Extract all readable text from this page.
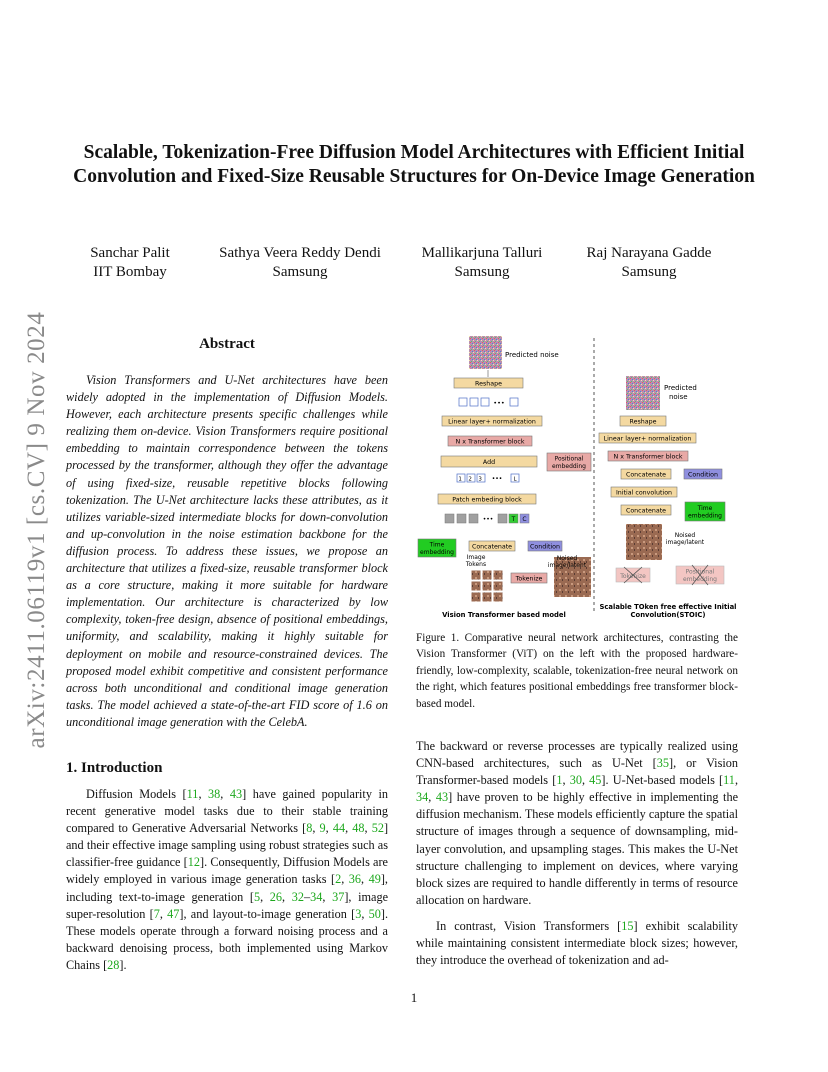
Scalable, Tokenization-Free Diffusion Model Architectures with Efficient Initial Convolution and Fixed-Size Reusable Structures for On-Device Image Generation
Sanchar Palit
IIT Bombay
Sathya Veera Reddy Dendi
Samsung
Mallikarjuna Talluri
Samsung
Raj Narayana Gadde
Samsung
arXiv:2411.06119v1 [cs.CV] 9 Nov 2024	Abstract

Vision Transformers and U-Net architectures have been widely adopted in the implementation of Diffusion Models. However, each architecture presents specific challenges while realizing them on-device. Vision Transformers require positional embedding to maintain correspondence between the tokens processed by the transformer, although they offer the advantage of using fixed-size, reusable repetitive blocks following tokenization. The U-Net architecture lacks these attributes, as it utilizes variable-sized intermediate blocks for down-convolution and up-convolution in the noise estimation backbone for the diffusion process. To address these issues, we propose an architecture that utilizes a fixed-size, reusable transformer block as a core structure, making it more suitable for hardware implementation. Our architecture is characterized by low complexity, token-free design, absence of positional embeddings, uniformity, and scalability, making it highly suitable for deployment on mobile and resource-constrained devices. The proposed model exhibit competitive and consistent performance across both unconditional and conditional image generation tasks. The model achieved a state-of-the-art FID score of 1.6 on unconditional image generation with the CelebA.

1. Introduction

Diffusion Models [11, 38, 43] have gained popularity in recent generative model tasks due to their stable training compared to Generative Adversarial Networks [8, 9, 44, 48, 52] and their effective image sampling using robust strategies such as classifier-free guidance [12]. Consequently, Diffusion Models are widely employed in various image generation tasks [2, 36, 49], including text-to-image generation [5, 26, 32–34, 37], image super-resolution [7, 47], and layout-to-image generation [3, 50]. These models operate through a forward noising process and a backward denoising process, both implemented using Markov Chains [28].

Predicted noise
Reshape
•••
Linear layer+ normalization
N x Transformer block
Add	Positional embedding
1 2 3	L
•••
Patch embeding block
•••	T C
Time embedding
Concatenate	Condition
Image Tokens
Noised image/latent
Tokenize
Vision Transformer based model
Predicted noise
Reshape
Linear layer+ normalization
N x Transformer block
Concatenate	Condition
Initial convolution
Concatenate	Time embedding
Noised image/latent
Tokenize
Positional embedding
Scalable TOken free effective Initial Convolution(STOIC)

Figure 1. Comparative neural network architectures, contrasting the Vision Transformer (ViT) on the left with the proposed hardware-friendly, low-complexity, scalable, tokenization-free neural network on the right, which features positional embeddings free transformer block-based model.

The backward or reverse processes are typically realized using CNN-based architectures, such as U-Net [35], or Vision Transformer-based models [1, 30, 45]. U-Net-based models [11, 34, 43] have proven to be highly effective in implementing the diffusion mechanism. These models efficiently capture the spatial structure of images through a sequence of downsampling, mid-layer convolution, and upsampling stages. This makes the U-Net structure challenging to implement on devices, where varying block sizes are required to handle differently in terms of resource allocation on hardware.

In contrast, Vision Transformers [15] exhibit scalability while maintaining consistent intermediate block sizes; however, they introduce the overhead of tokenization and ad-

1
